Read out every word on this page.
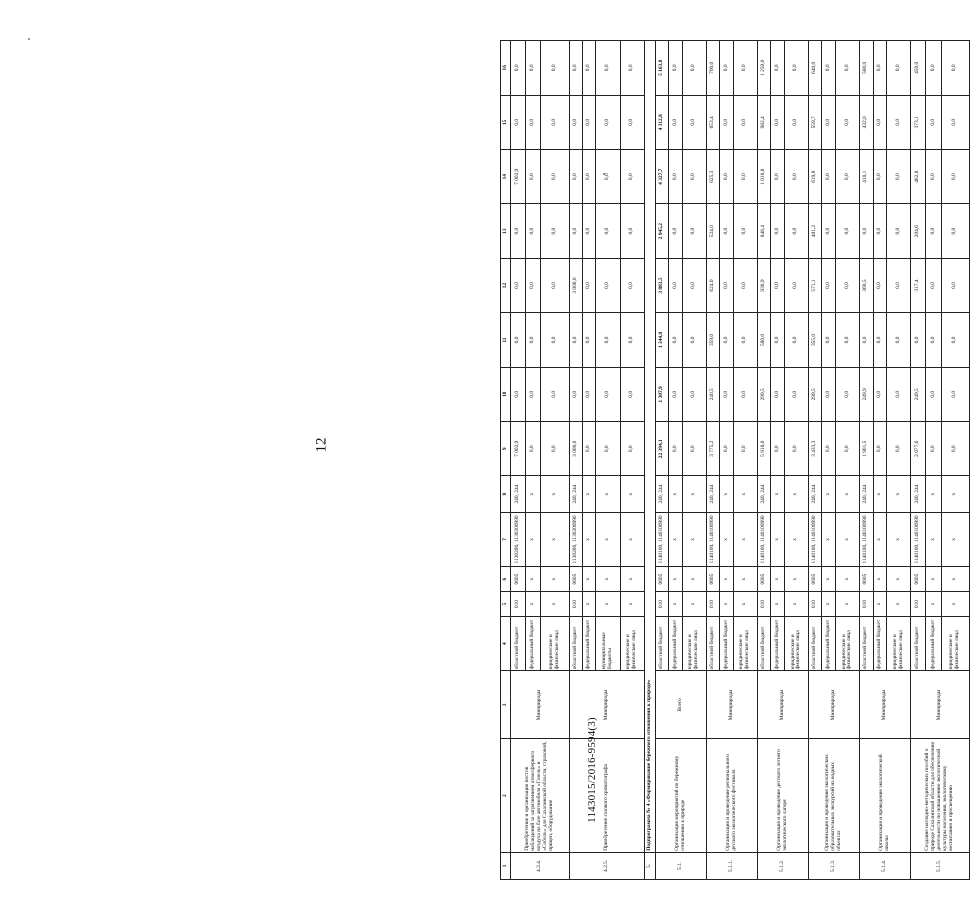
12
1143015/2016-9594(3)
1	2	3	4	5	6	7	8	9	10	11	12	13	14	15	16
4.2.4.	Приобретение и организация постов наблюдений за загрязнением атмосферного воздуха на базе автомобиля «Газель» и «Соболь» для Сахалинской области, страховой, прицеп, оборудование	Минприроды	областной бюджет	010	0605	1130200, 1130200990	240, 244	7 002,9	0,0	0,0	0,0	0,0	7 002,9	0,0	0,0
			федеральный бюджет	х	х	х	х	0,0	0,0	0,0	0,0	0,0	0,0	0,0	0,0
			юридические и физические лица	х	х	х	х	0,0	0,0	0,0	0,0	0,0	0,0	0,0	0,0
4.2.5.	Приобретение газового хроматографа	Минприроды	областной бюджет	010	0605	1130200, 1130200990	240, 244	3 000,0	0,0	0,0	3 000,0	0,0	0,0	0,0	0,0
			федеральный бюджет	х	х	х	х	0,0	0,0	0,0	0,0	0,0	0,0	0,0	0,0
			муниципальные бюджеты	х	х	х	х	0,0	0,0	0,0	0,0	0,0	0,0	0,0	0,0
			юридические и физические лица	х	х	х	х	0,0	0,0	0,0	0,0	0,0	0,0	0,0	0,0
5.	Подпрограмма № 4 «Формирование бережного отношения к природе»														
5.1.	Организация мероприятий по бережному отношению к природе	Всего	областной бюджет	010	0605	1140100, 1140100990	240, 244	22 394,1	1 307,9	1 344,0	3 883,5	2 945,2	4 327,7	4 312,8	5 163,0
			федеральный бюджет	х	х	х	х	0,0	0,0	0,0	0,0	0,0	0,0	0,0	0,0
			юридические и физические лица	х	х	х	х	0,0	0,0	0,0	0,0	0,0	0,0	0,0	0,0
5.1.1.	Организация и проведение регионального детского экологического фестиваля	Минприроды	областной бюджет	010	0605	1140100, 1140100990	240, 244	3 775,2	240,5	359,0	624,0	524,0	625,3	653,4	700,0
			федеральный бюджет	х	х	х	х	0,0	0,0	0,0	0,0	0,0	0,0	0,0	0,0
			юридические и физические лица	х	х	х	х	0,0	0,0	0,0	0,0	0,0	0,0	0,0	0,0
5.1.2.	Организация и проведение детского летнего экологического лагеря	Минприроды	областной бюджет	010	0605	1140100, 1140100990	240, 244	5 918,0	299,5	580,0	930,9	848,4	1 016,8	982,4	1 250,0
			федеральный бюджет	х	х	х	х	0,0	0,0	0,0	0,0	0,0	0,0	0,0	0,0
			юридические и физические лица	х	х	х	х	0,0	0,0	0,0	0,0	0,0	0,0	0,0	0,0
5.1.3.	Организация и проведение экологических образовательных экскурсий на водных объектах	Минприроды	областной бюджет	010	0605	1140100, 1140100990	240, 244	3 433,3	299,5	355,0	571,1	481,2	619,8	559,7	640,0
			федеральный бюджет	х	х	х	х	0,0	0,0	0,0	0,0	0,0	0,0	0,0	0,0
			юридические и физические лица	х	х	х	х	0,0	0,0	0,0	0,0	0,0	0,0	0,0	0,0
5.1.4.	Организация и проведение экологической школы	Минприроды	областной бюджет	010	0605	1140100, 1140100990	240, 244	1 901,5	249,9	0,0	369,5	0,0	410,1	432,0	580,0
			федеральный бюджет	х	х	х	х	0,0	0,0	0,0	0,0	0,0	0,0	0,0	0,0
			юридические и физические лица	х	х	х	х	0,0	0,0	0,0	0,0	0,0	0,0	0,0	0,0
5.1.5.	Создание наглядно-методических пособий о природе Сахалинской области для обеспечения деятельности по повышению экологической культуры населения, экологическому воспитанию и просвещению	Минприроды	областной бюджет	010	0605	1140100, 1140100990	240, 244	2 077,6	249,5	0,0	317,4	204,6	462,8	373,1	450,0
			федеральный бюджет	х	х	х	х	0,0	0,0	0,0	0,0	0,0	0,0	0,0	0,0
			юридические и физические лица	х	х	х	х	0,0	0,0	0,0	0,0	0,0	0,0	0,0	0,0
